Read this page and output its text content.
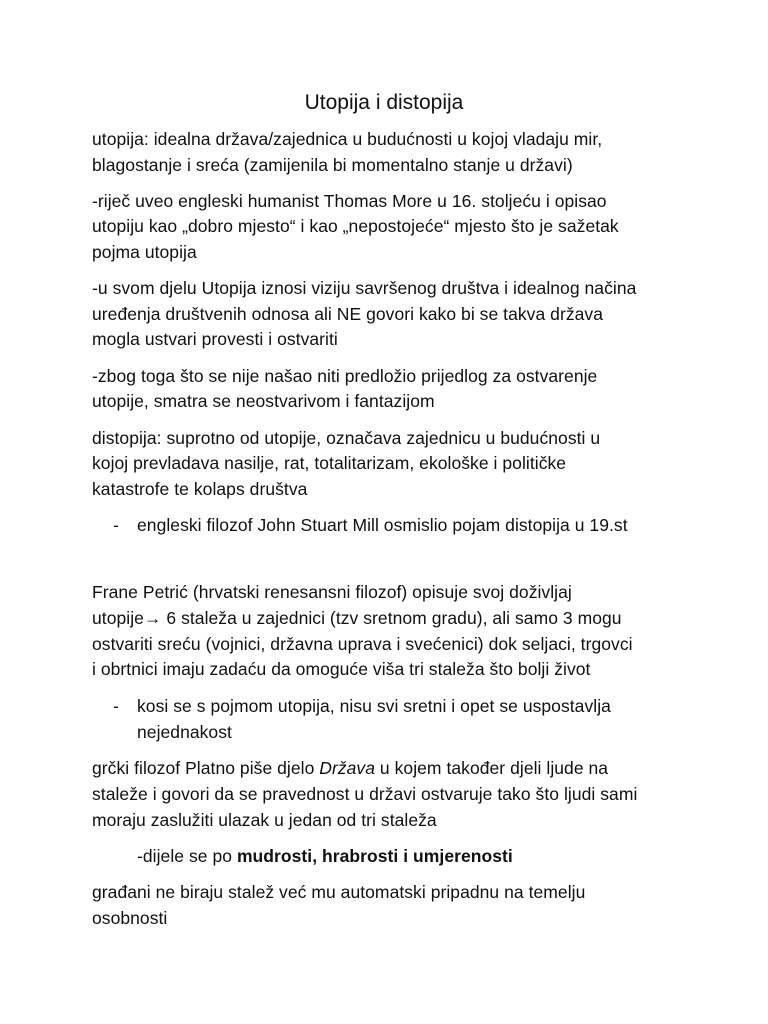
Utopija i distopija
utopija: idealna država/zajednica u budućnosti u kojoj vladaju mir,
blagostanje i sreća (zamijenila bi momentalno stanje u državi)
-riječ uveo engleski humanist Thomas More u 16. stoljeću i opisao
utopiju kao „dobro mjesto“ i kao „nepostojeće“ mjesto što je sažetak
pojma utopija
-u svom djelu Utopija iznosi viziju savršenog društva i idealnog načina
uređenja društvenih odnosa ali NE govori kako bi se takva država
mogla ustvari provesti i ostvariti
-zbog toga što se nije našao niti predložio prijedlog za ostvarenje
utopije, smatra se neostvarivom i fantazijom
distopija: suprotno od utopije, označava zajednicu u budućnosti u
kojoj prevladava nasilje, rat, totalitarizam, ekološke i političke
katastrofe te kolaps društva
- engleski filozof John Stuart Mill osmislio pojam distopija u 19.st
Frane Petrić (hrvatski renesansni filozof) opisuje svoj doživljaj
utopije→ 6 staleža u zajednici (tzv sretnom gradu), ali samo 3 mogu
ostvariti sreću (vojnici, državna uprava i svećenici) dok seljaci, trgovci
i obrtnici imaju zadaću da omoguće viša tri staleža što bolji život
- kosi se s pojmom utopija, nisu svi sretni i opet se uspostavlja
nejednakost
grčki filozof Platno piše djelo Država u kojem također djeli ljude na
staleže i govori da se pravednost u državi ostvaruje tako što ljudi sami
moraju zaslužiti ulazak u jedan od tri staleža
-dijele se po mudrosti, hrabrosti i umjerenosti
građani ne biraju stalež već mu automatski pripadnu na temelju
osobnosti
